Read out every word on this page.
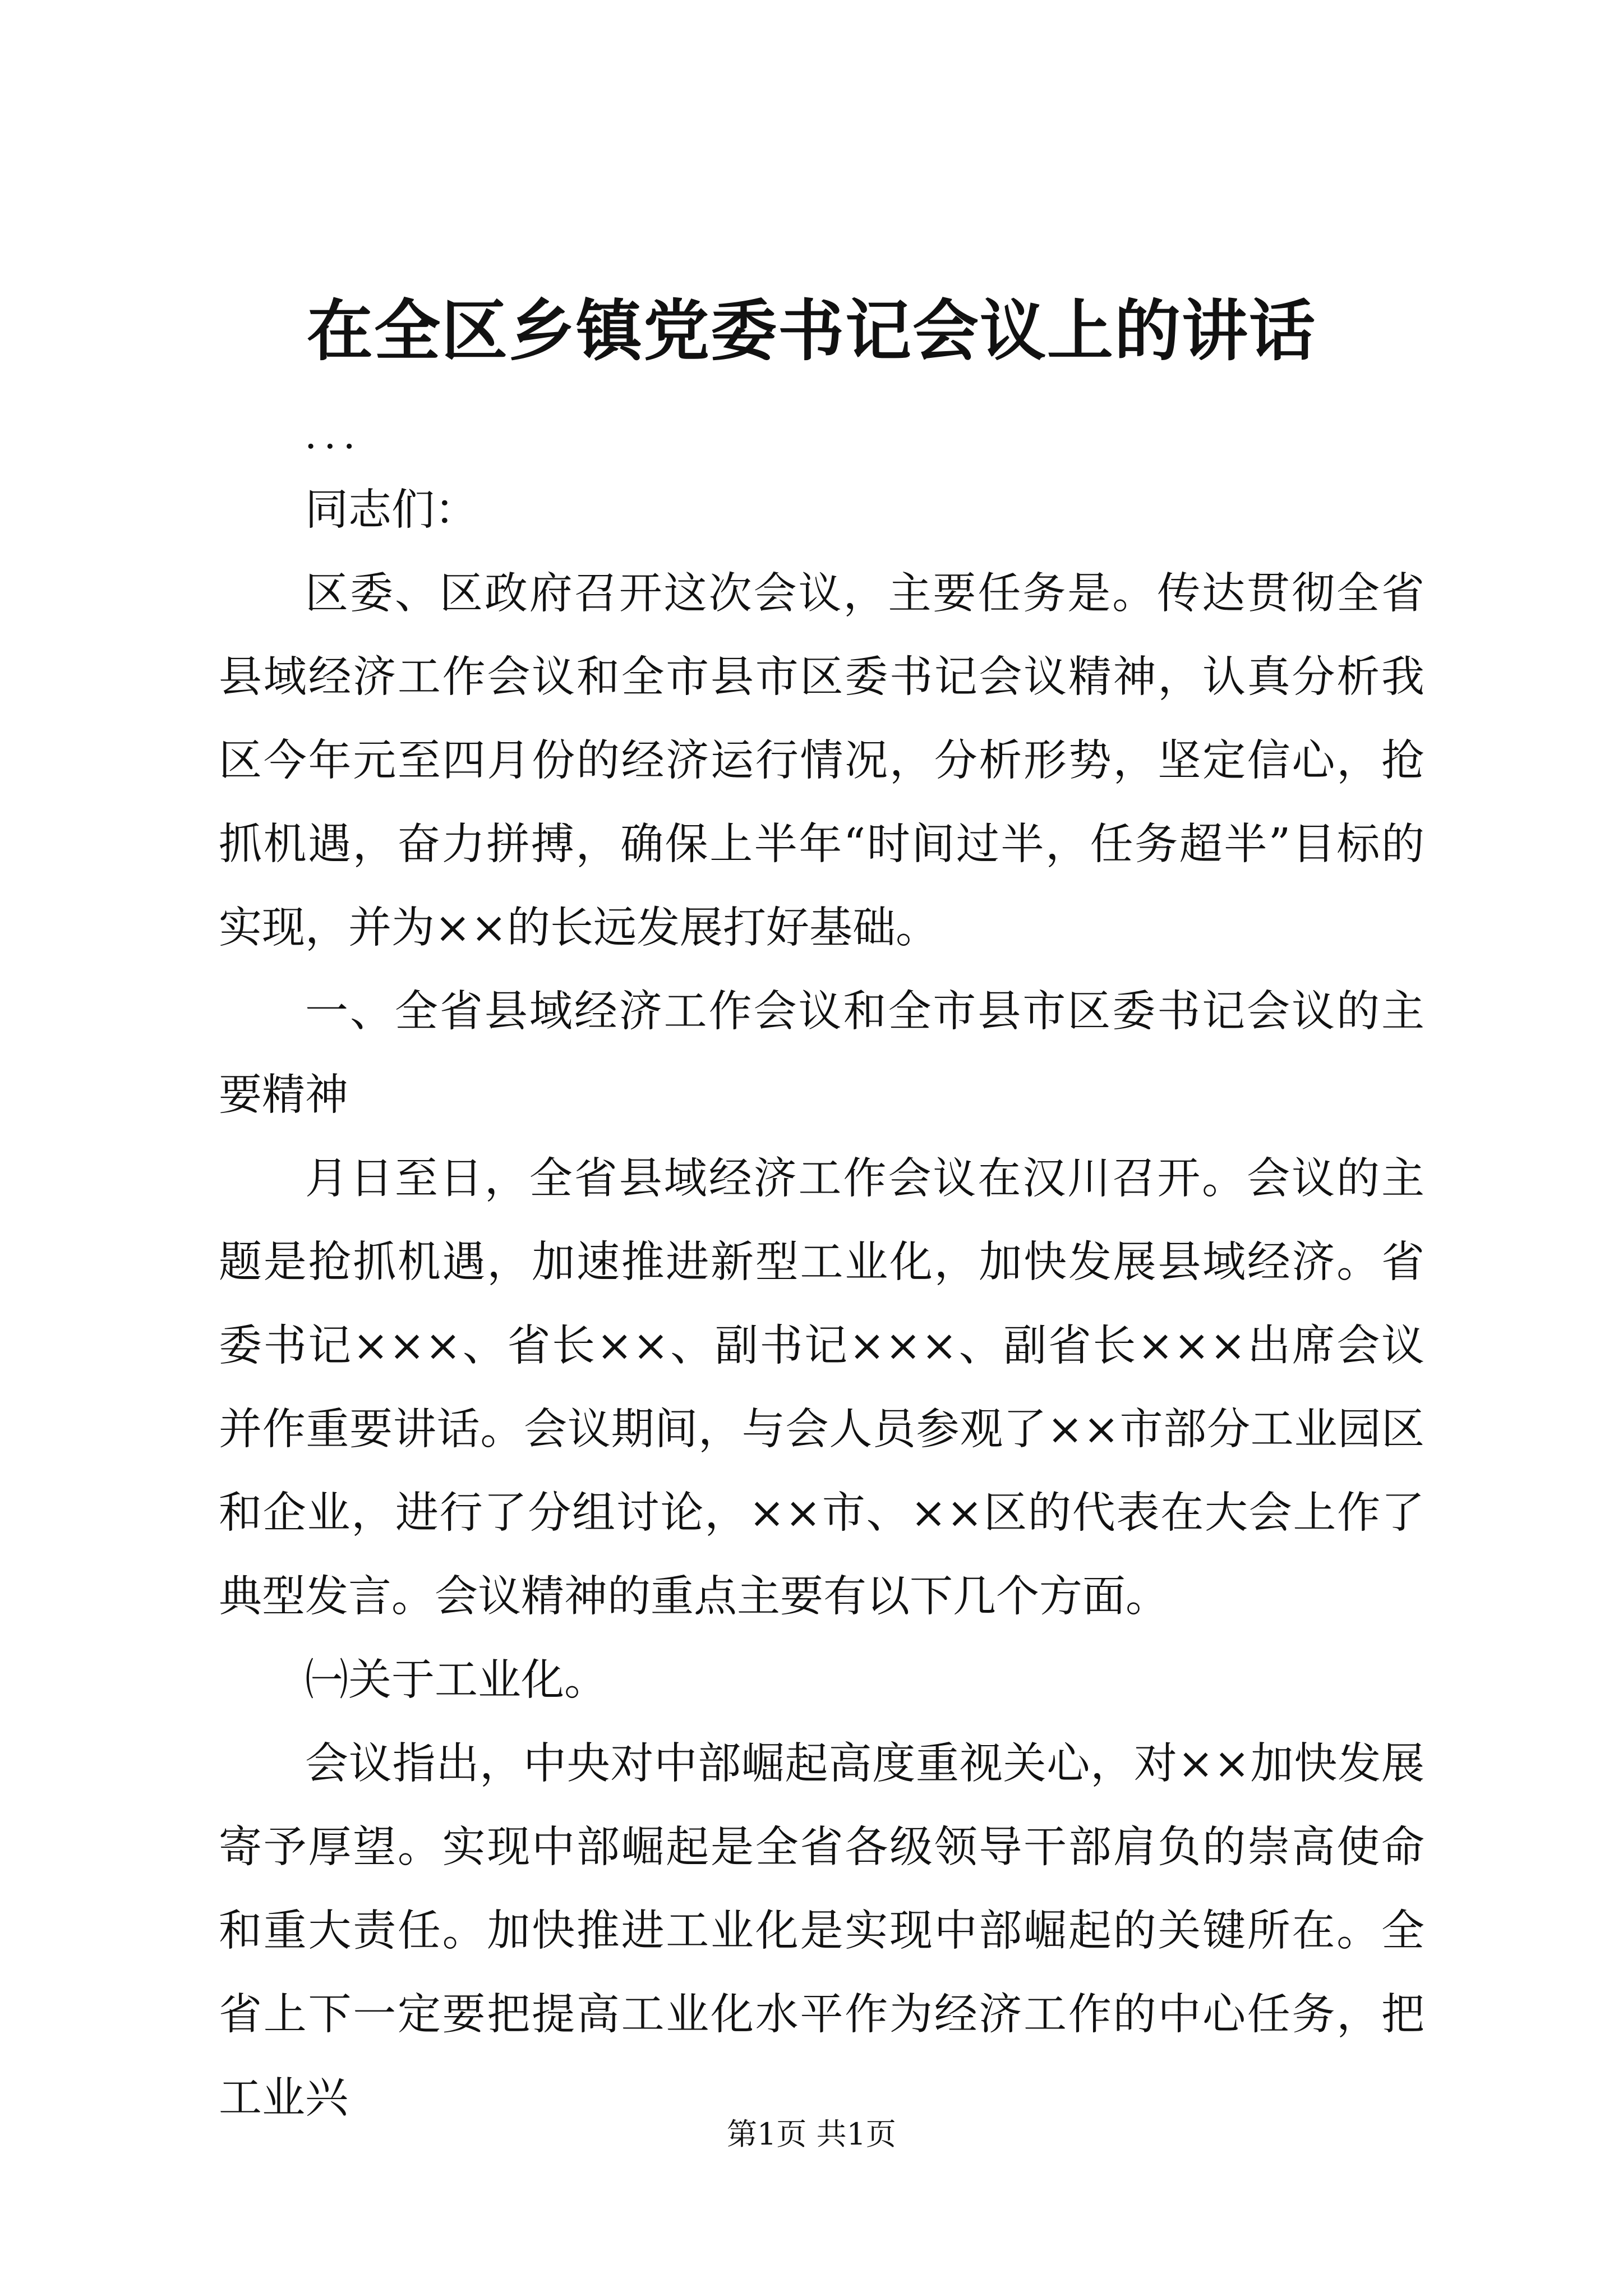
在全区乡镇党委书记会议上的讲话
...

同志们：

区委、区政府召开这次会议，主要任务是。传达贯彻全省县域经济工作会议和全市县市区委书记会议精神，认真分析我区今年元至四月份的经济运行情况，分析形势，坚定信心，抢抓机遇，奋力拼搏，确保上半年“时间过半，任务超半”目标的实现，并为××的长远发展打好基础。

一、全省县域经济工作会议和全市县市区委书记会议的主要精神

月日至日，全省县域经济工作会议在汉川召开。会议的主题是抢抓机遇，加速推进新型工业化，加快发展县域经济。省委书记×××、省长××、副书记×××、副省长×××出席会议并作重要讲话。会议期间，与会人员参观了××市部分工业园区和企业，进行了分组讨论，××市、××区的代表在大会上作了典型发言。会议精神的重点主要有以下几个方面。

㈠关于工业化。

会议指出，中央对中部崛起高度重视关心，对××加快发展寄予厚望。实现中部崛起是全省各级领导干部肩负的崇高使命和重大责任。加快推进工业化是实现中部崛起的关键所在。全省上下一定要把提高工业化水平作为经济工作的中心任务，把工业兴

第1页 共1页
